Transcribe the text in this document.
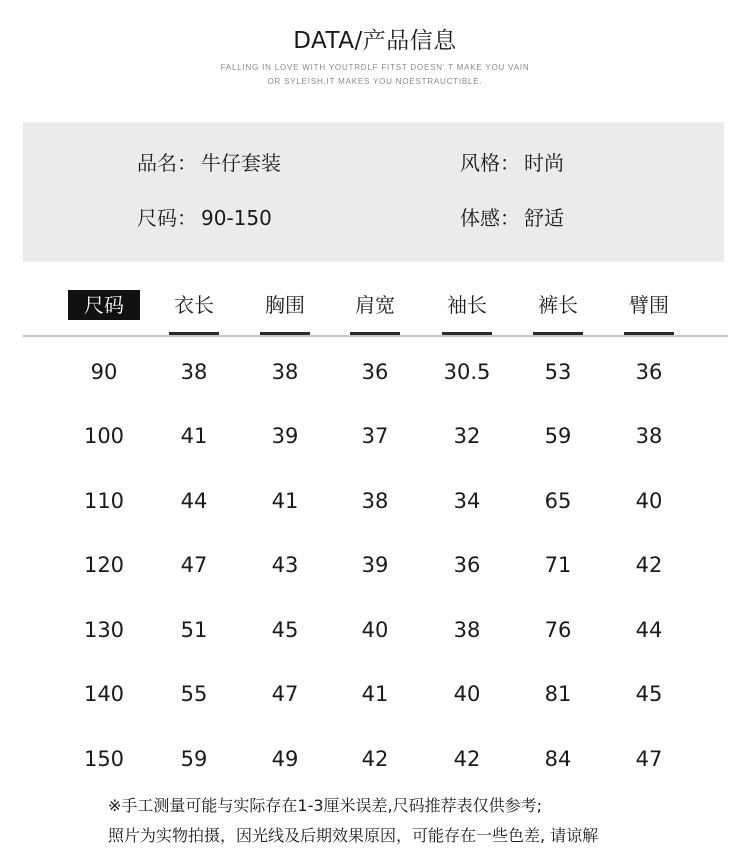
DATA/产品信息
FALLING IN LOVE WITH YOUTRDLF FITST DOESN' T MAKE YOU VAIN
OR SYLEISH,IT MAKES YOU NOESTRAUCTIBLE.
品名： 牛仔套装	风格： 时尚
尺码： 90-150	体感： 舒适
尺码	衣长	胸围	肩宽	袖长	裤长	臂围
90	38	38	36	30.5	53	36
100	41	39	37	32	59	38
110	44	41	38	34	65	40
120	47	43	39	36	71	42
130	51	45	40	38	76	44
140	55	47	41	40	81	45
150	59	49	42	42	84	47
※手工测量可能与实际存在1-3厘米误差,尺码推荐表仅供参考;
照片为实物拍摄，因光线及后期效果原因，可能存在一些色差, 请谅解
